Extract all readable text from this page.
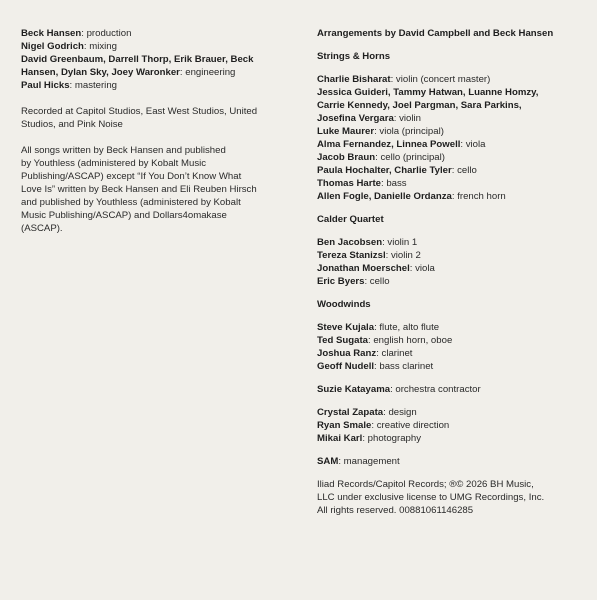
Beck Hansen: production
Nigel Godrich: mixing
David Greenbaum, Darrell Thorp, Erik Brauer, Beck
Hansen, Dylan Sky, Joey Waronker: engineering
Paul Hicks: mastering
Recorded at Capitol Studios, East West Studios, United
Studios, and Pink Noise
All songs written by Beck Hansen and published
by Youthless (administered by Kobalt Music
Publishing/ASCAP) except “If You Don’t Know What
Love Is” written by Beck Hansen and Eli Reuben Hirsch
and published by Youthless (administered by Kobalt
Music Publishing/ASCAP) and Dollars4omakase
(ASCAP).
Arrangements by David Campbell and Beck Hansen
Strings & Horns
Charlie Bisharat: violin (concert master)
Jessica Guideri, Tammy Hatwan, Luanne Homzy,
Carrie Kennedy, Joel Pargman, Sara Parkins,
Josefina Vergara: violin
Luke Maurer: viola (principal)
Alma Fernandez, Linnea Powell: viola
Jacob Braun: cello (principal)
Paula Hochalter, Charlie Tyler: cello
Thomas Harte: bass
Allen Fogle, Danielle Ordanza: french horn
Calder Quartet
Ben Jacobsen: violin 1
Tereza Stanizsl: violin 2
Jonathan Moerschel: viola
Eric Byers: cello
Woodwinds
Steve Kujala: flute, alto flute
Ted Sugata: english horn, oboe
Joshua Ranz: clarinet
Geoff Nudell: bass clarinet
Suzie Katayama: orchestra contractor
Crystal Zapata: design
Ryan Smale: creative direction
Mikai Karl: photography
SAM: management
Iliad Records/Capitol Records; ®© 2026 BH Music,
LLC under exclusive license to UMG Recordings, Inc.
All rights reserved. 00881061146285
